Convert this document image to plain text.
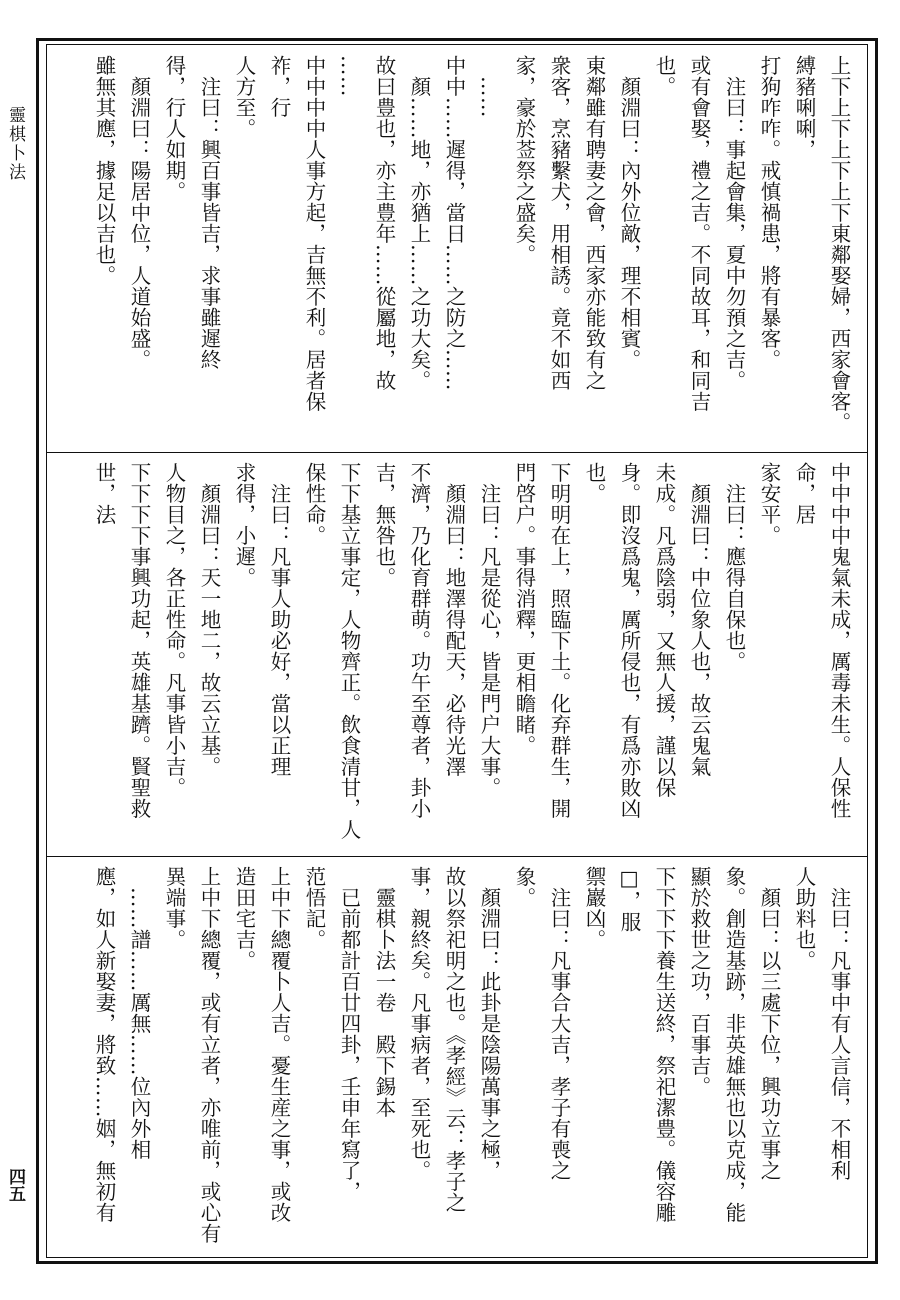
靈棋卜法
四五
上下上下上下上下東鄰娶婦，西家會客。縛豬唎唎，
打狗咋咋。戒慎禍患，將有暴客。
　注曰：事起會集，夏中勿預之吉。
或有會娶，禮之吉。不同故耳，和同吉
也。
　顏淵曰：內外位敵，理不相賓。
東鄰雖有聘妻之會，西家亦能致有之
衆客，烹豬繫犬，用相誘。竟不如西
家，豪於莶祭之盛矣。
　……
中中……遲得，當日……之防之……
　顏……地，亦猶上……之功大矣。
故曰豊也，亦主豊年……從屬地，故
……
中中中中人事方起，吉無不利。居者保祚，行
人方至。
　注曰：興百事皆吉，求事雖遲終
得，行人如期。
　顏淵曰：陽居中位，人道始盛。
雖無其應，據足以吉也。
中中中中鬼氣未成，厲毒未生。人保性命，居
家安平。
　注曰：應得自保也。
　顏淵曰：中位象人也，故云鬼氣
未成。凡爲陰弱，又無人援，謹以保
身。即沒爲鬼，厲所侵也，有爲亦敗凶
也。
下明明在上，照臨下土。化弃群生，開
門啓户。事得消釋，更相瞻睹。
　注曰：凡是從心，皆是門户大事。
　顏淵曰：地澤得配天，必待光澤
不濟，乃化育群萌。功午至尊者，卦小
吉，無咎也。
下下基立事定，人物齊正。飲食清甘，人
保性命。
　注曰：凡事人助必好，當以正理
求得，小遲。
　顏淵曰：天一地二，故云立基。
人物目之，各正性命。凡事皆小吉。
下下下下事興功起，英雄基躋。賢聖救世，法
　注曰：凡事中有人言信，不相利
人助料也。
　顏曰：以三處下位，興功立事之
象。創造基跡，非英雄無也以克成，能
顯於救世之功，百事吉。
下下下下養生送終，祭祀潔豊。儀容雕□，服
禦巖凶。
　注曰：凡事合大吉，孝子有喪之
象。
　顏淵曰：此卦是陰陽萬事之極，
故以祭祀明之也。《孝經》云：孝子之
事，親終矣。凡事病者，至死也。
　靈棋卜法一卷　殿下錫本
　已前都計百廿四卦，壬申年寫了，
范悟記。
上中下總覆卜人吉。憂生産之事，或改
造田宅吉。
上中下總覆，或有立者，亦唯前，或心有
異端事。
　……譜……厲無……位內外相
應，如人新娶妻，將致……姻，無初有
